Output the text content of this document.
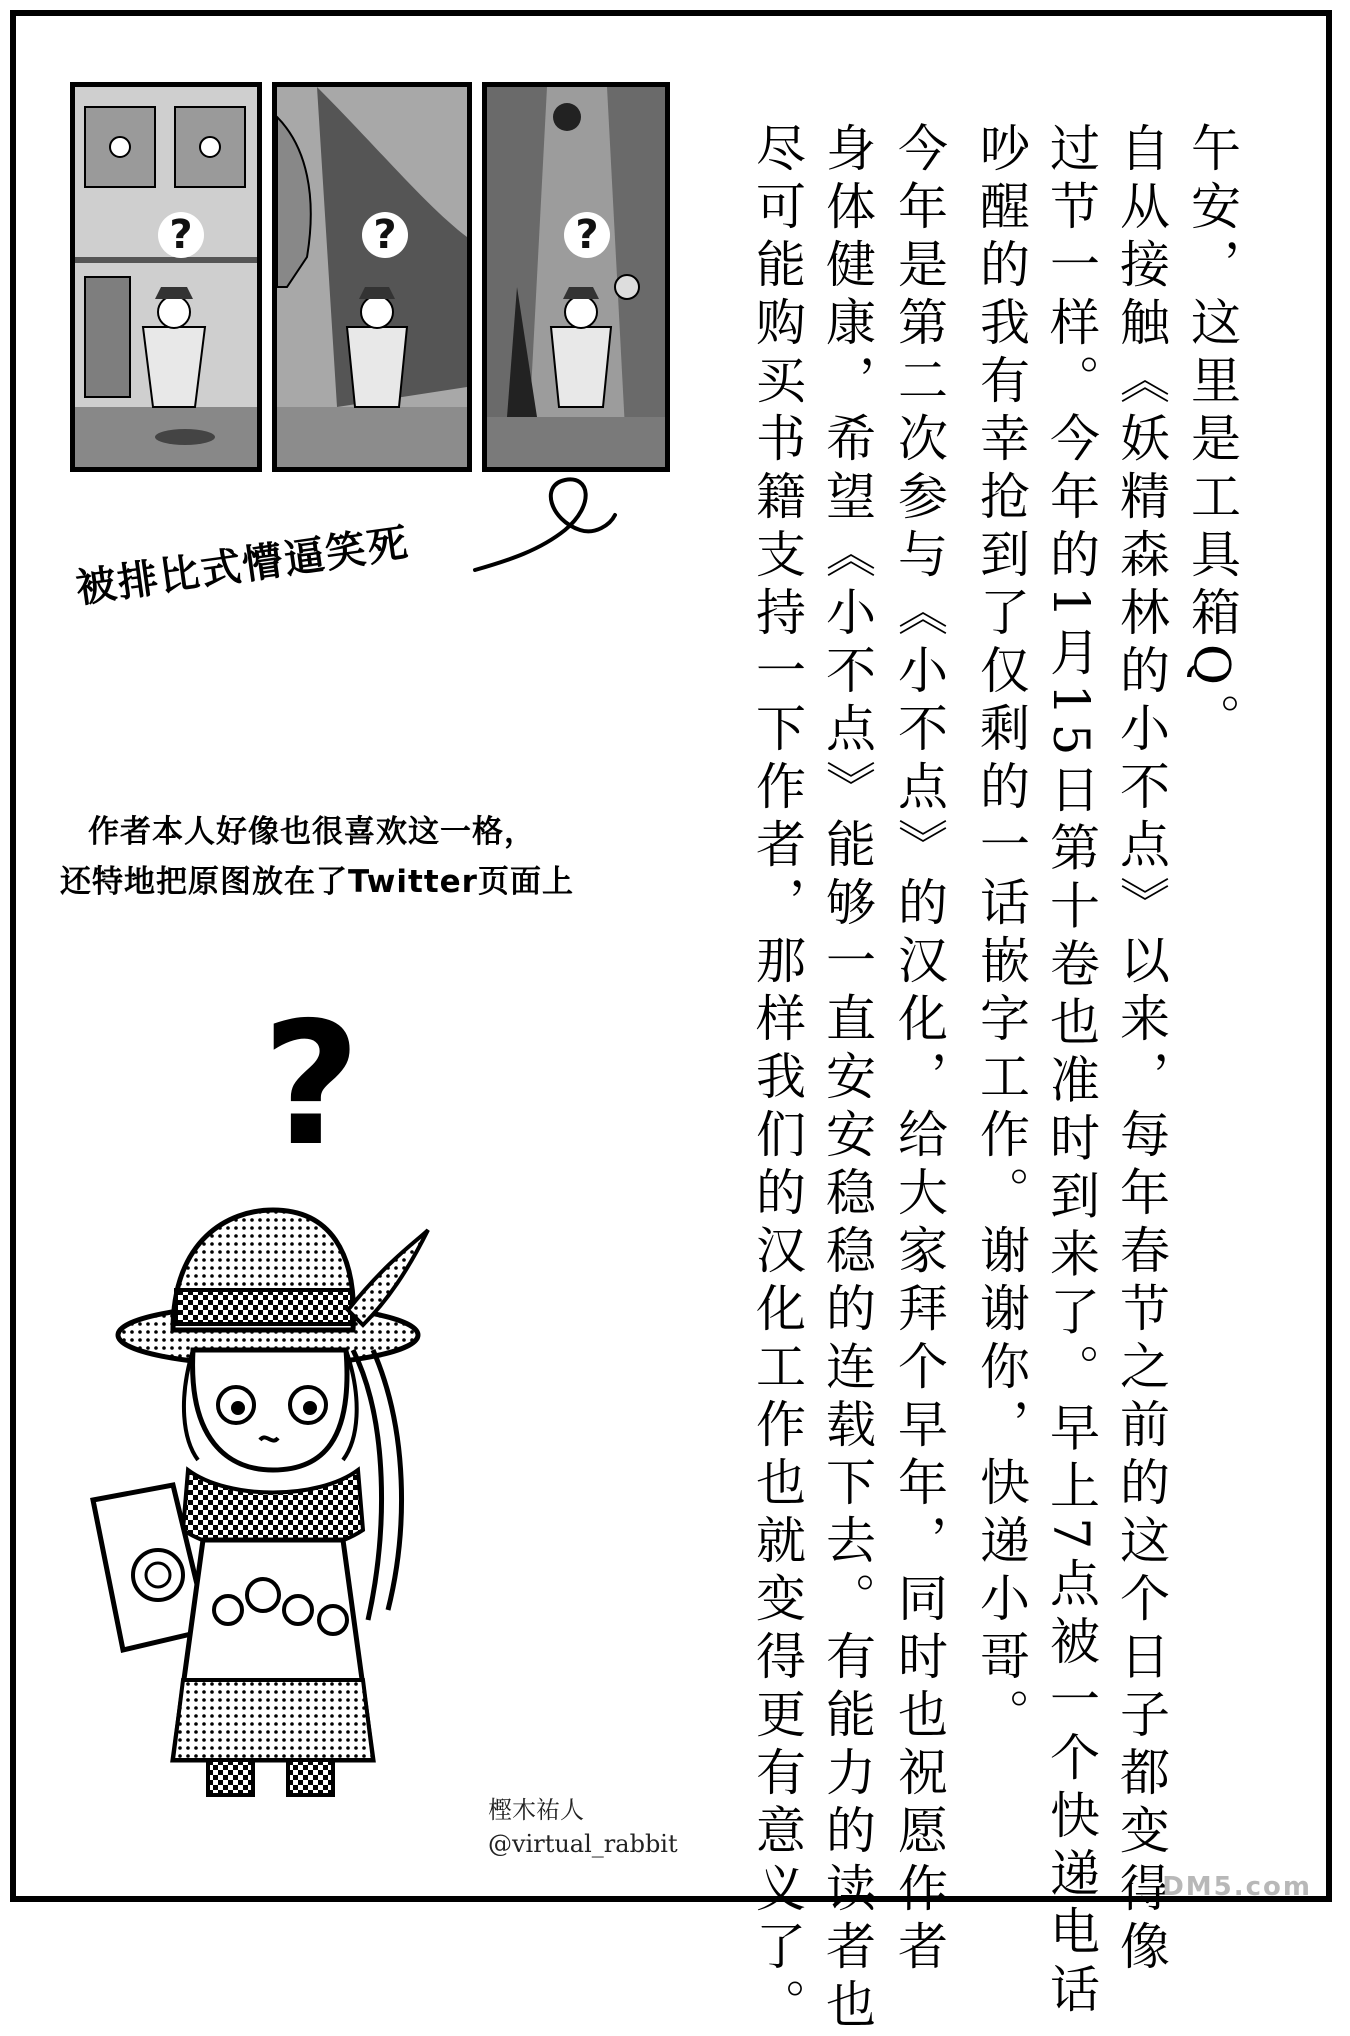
午安，这里是工具箱Q。
自从接触《妖精森林的小不点》以来，每年春节之前的这个日子都变得像
过节一样。今年的1月15日第十卷也准时到来了。早上7点被一个快递电话
吵醒的我有幸抢到了仅剩的一话嵌字工作。谢谢你，快递小哥。
今年是第二次参与《小不点》的汉化，给大家拜个早年，同时也祝愿作者
身体健康，希望《小不点》能够一直安安稳稳的连载下去。有能力的读者也
尽可能购买书籍支持一下作者，那样我们的汉化工作也就变得更有意义了。
?	?	?
被排比式懵逼笑死
作者本人好像也很喜欢这一格，
还特地把原图放在了Twitter页面上
?
樫木祐人
@virtual_rabbit
DM5.com
